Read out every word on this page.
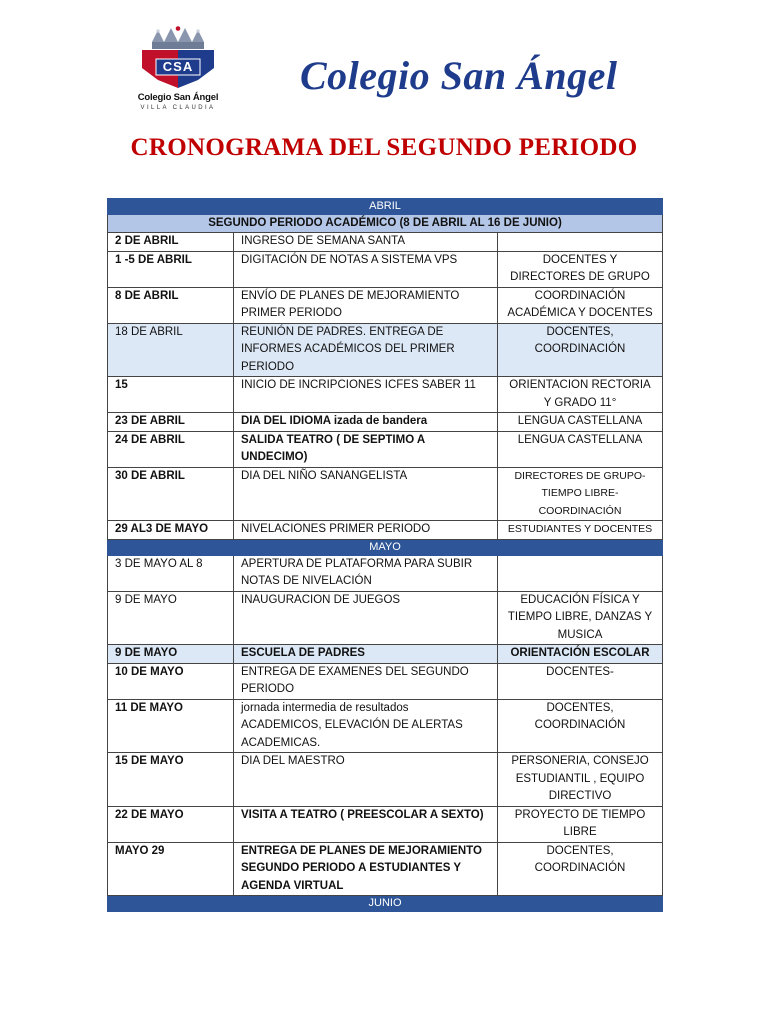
CSA
Colegio San Ángel
VILLA CLAUDIA
Colegio San Ángel
CRONOGRAMA DEL SEGUNDO PERIODO
ABRIL		
SEGUNDO PERIODO ACADÉMICO (8 DE ABRIL AL 16 DE JUNIO)		
2 DE ABRIL	INGRESO DE SEMANA SANTA	
1 -5 DE ABRIL	DIGITACIÓN DE NOTAS A SISTEMA VPS	DOCENTES Y DIRECTORES DE GRUPO
8 DE ABRIL	ENVÍO DE PLANES DE MEJORAMIENTO PRIMER PERIODO	COORDINACIÓN ACADÉMICA Y DOCENTES
18 DE ABRIL	REUNIÓN DE PADRES. ENTREGA DE INFORMES ACADÉMICOS DEL PRIMER PERIODO	DOCENTES, COORDINACIÓN
15	INICIO DE INCRIPCIONES ICFES SABER 11	ORIENTACION RECTORIA Y GRADO 11°
23 DE ABRIL	DIA DEL IDIOMA izada de bandera	LENGUA CASTELLANA
24 DE ABRIL	SALIDA TEATRO ( DE SEPTIMO A UNDECIMO)	LENGUA CASTELLANA
30 DE ABRIL	DIA DEL NIÑO SANANGELISTA	DIRECTORES DE GRUPO-TIEMPO LIBRE-COORDINACIÓN
29 AL3 DE MAYO	NIVELACIONES PRIMER PERIODO	ESTUDIANTES Y DOCENTES
MAYO		
3 DE MAYO AL 8	APERTURA DE PLATAFORMA PARA SUBIR NOTAS DE NIVELACIÓN	
9 DE MAYO	INAUGURACION DE JUEGOS	EDUCACIÓN FÍSICA Y TIEMPO LIBRE, DANZAS Y MUSICA
9 DE MAYO	ESCUELA DE PADRES	ORIENTACIÓN ESCOLAR
10 DE MAYO	ENTREGA DE EXAMENES DEL SEGUNDO PERIODO	DOCENTES-
11 DE MAYO	jornada intermedia de resultados ACADEMICOS, ELEVACIÓN DE ALERTAS ACADEMICAS.	DOCENTES, COORDINACIÓN
15 DE MAYO	DIA DEL MAESTRO	PERSONERIA, CONSEJO ESTUDIANTIL , EQUIPO DIRECTIVO
22 DE MAYO	VISITA A TEATRO ( PREESCOLAR A SEXTO)	PROYECTO DE TIEMPO LIBRE
MAYO 29	ENTREGA DE PLANES DE MEJORAMIENTO SEGUNDO PERIODO A ESTUDIANTES Y AGENDA VIRTUAL	DOCENTES, COORDINACIÓN
JUNIO		
